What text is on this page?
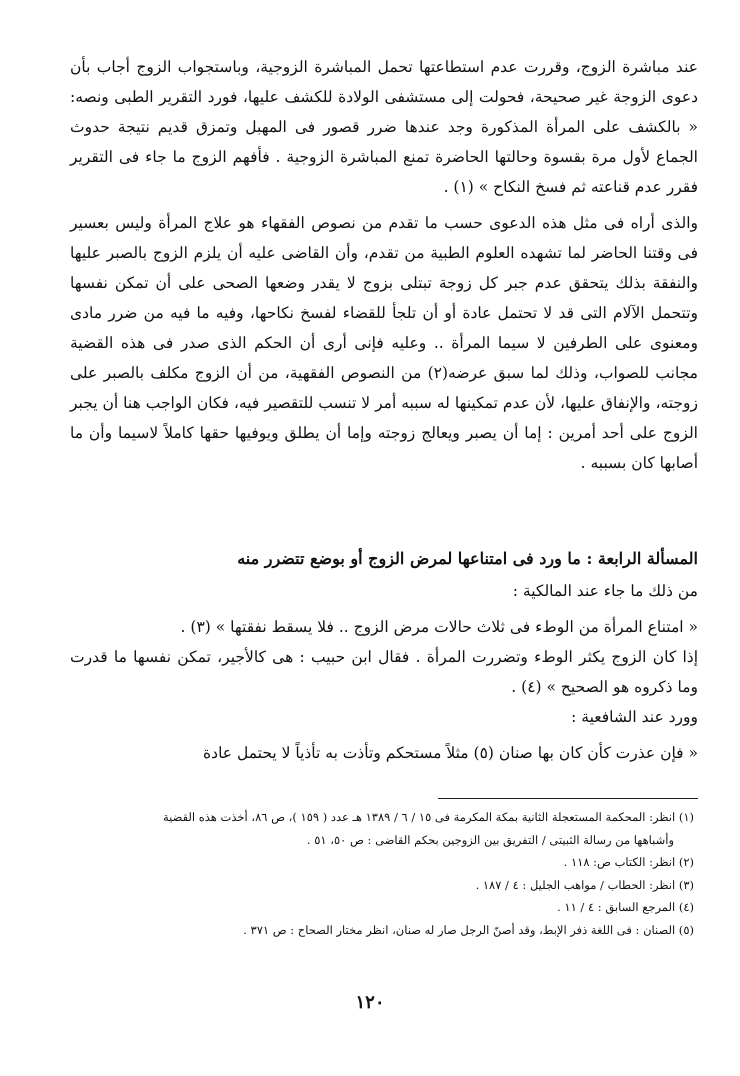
عند مباشرة الزوج، وقررت عدم استطاعتها تحمل المباشرة الزوجية، وباستجواب الزوج أجاب بأن دعوى الزوجة غير صحيحة، فحولت إلى مستشفى الولادة للكشف عليها، فورد التقرير الطبى ونصه: « بالكشف على المرأة المذكورة وجد عندها ضرر قصور فى المهبل وتمزق قديم نتيجة حدوث الجماع لأول مرة بقسوة وحالتها الحاضرة تمنع المباشرة الزوجية . فأفهم الزوج ما جاء فى التقرير فقرر عدم قناعته ثم فسخ النكاح » (١) .

والذى أراه فى مثل هذه الدعوى حسب ما تقدم من نصوص الفقهاء هو علاج المرأة وليس بعسير فى وقتنا الحاضر لما تشهده العلوم الطبية من تقدم، وأن القاضى عليه أن يلزم الزوج بالصبر عليها والنفقة بذلك يتحقق عدم جبر كل زوجة تبتلى بزوج لا يقدر وضعها الصحى على أن تمكن نفسها وتتحمل الآلام التى قد لا تحتمل عادة أو أن تلجأ للقضاء لفسخ نكاحها، وفيه ما فيه من ضرر مادى ومعنوى على الطرفين لا سيما المرأة .. وعليه فإنى أرى أن الحكم الذى صدر فى هذه القضية مجانب للصواب، وذلك لما سبق عرضه(٢) من النصوص الفقهية، من أن الزوج مكلف بالصبر على زوجته، والإنفاق عليها، لأن عدم تمكينها له سببه أمر لا تنسب للتقصير فيه، فكان الواجب هنا أن يجبر الزوج على أحد أمرين : إما أن يصبر ويعالج زوجته وإما أن يطلق ويوفيها حقها كاملاً لاسيما وأن ما أصابها كان بسببه .

المسألة الرابعة : ما ورد فى امتناعها لمرض الزوج أو بوضع تتضرر منه
من ذلك ما جاء عند المالكية :
« امتناع المرأة من الوطء فى ثلاث حالات مرض الزوج .. فلا يسقط نفقتها » (٣) .
إذا كان الزوج يكثر الوطء وتضررت المرأة . فقال ابن حبيب : هى كالأجير، تمكن نفسها ما قدرت وما ذكروه هو الصحيح » (٤) .
وورد عند الشافعية :
« فإن عذرت كأن كان بها صنان (٥) مثلاً مستحكم وتأذت به تأذياً لا يحتمل عادة
(١) انظر: المحكمة المستعجلة الثانية بمكة المكرمة فى ١٥ / ٦ / ١٣٨٩ هـ عدد ( ١٥٩ )، ص ٨٦، أخذت هذه القضية
وأشباهها من رسالة الثبيتى / التفريق بين الزوجين بحكم القاضى : ص ٥٠، ٥١ .
(٢) انظر: الكتاب ص: ١١٨ .
(٣) انظر: الحطاب / مواهب الجليل : ٤ / ١٨٧ .
(٤) المرجع السابق : ٤ / ١١ .
(٥) الصنان : فى اللغة ذفر الإبط، وقد أصنّ الرجل صار له صنان، انظر مختار الصحاح : ص ٣٧١ .
١٢٠
